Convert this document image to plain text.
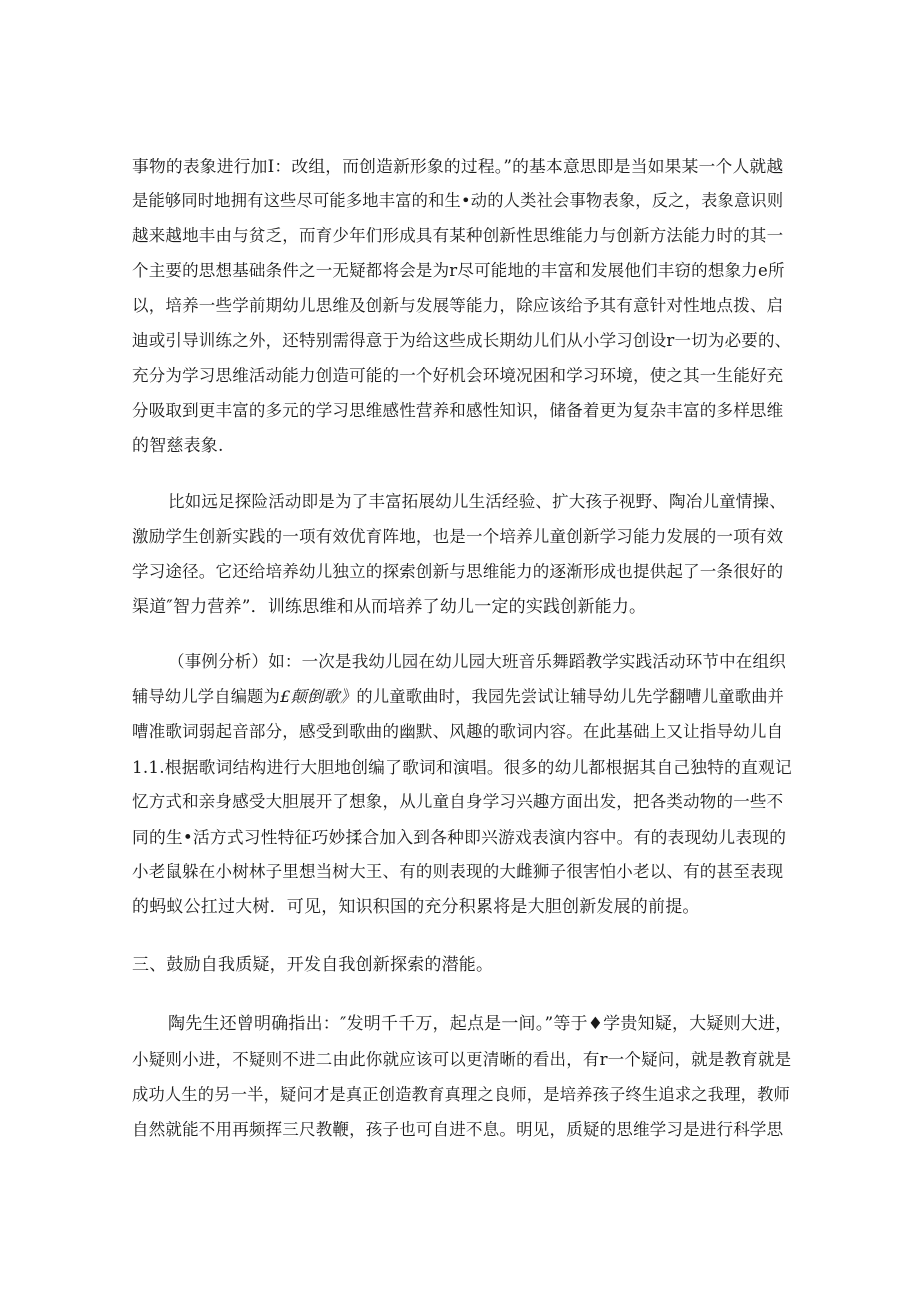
事物的表象进行加I：改组，而创造新形象的过程。”的基本意思即是当如果某一个人就越
是能够同时地拥有这些尽可能多地丰富的和生•动的人类社会事物表象，反之，表象意识则
越来越地丰由与贫乏，而育少年们形成具有某种创新性思维能力与创新方法能力时的其一
个主要的思想基础条件之一无疑都将会是为r尽可能地的丰富和发展他们丰窃的想象力e所
以，培养一些学前期幼儿思维及创新与发展等能力，除应该给予其有意针对性地点拨、启
迪或引导训练之外，还特别需得意于为给这些成长期幼儿们从小学习创设r一切为必要的、
充分为学习思维活动能力创造可能的一个好机会环境况困和学习环境，使之其一生能好充
分吸取到更丰富的多元的学习思维感性营养和感性知识，储备着更为复杂丰富的多样思维
的智慈表象.
比如远足探险活动即是为了丰富拓展幼儿生活经验、扩大孩子视野、陶冶儿童情操、
激励学生创新实践的一项有效优育阵地，也是一个培养儿童创新学习能力发展的一项有效
学习途径。它还给培养幼儿独立的探索创新与思维能力的逐渐形成也提供起了一条很好的
渠道″智力营养”．训练思维和从而培养了幼儿一定的实践创新能力。
（事例分析）如：一次是我幼儿园在幼儿园大班音乐舞蹈教学实践活动环节中在组织
辅导幼儿学自编题为£颠倒歌》的儿童歌曲时，我园先尝试让辅导幼儿先学翻嘈儿童歌曲并
嘈准歌词弱起音部分，感受到歌曲的幽默、风趣的歌词内容。在此基础上又让指导幼儿自
1.1.根据歌词结构进行大胆地创编了歌词和演唱。很多的幼儿都根据其自己独特的直观记
忆方式和亲身感受大胆展开了想象，从儿童自身学习兴趣方面出发，把各类动物的一些不
同的生•活方式习性特征巧妙揉合加入到各种即兴游戏表演内容中。有的表现幼儿表现的
小老鼠躲在小树林子里想当树大王、有的则表现的大雌狮子很害怕小老以、有的甚至表现
的蚂蚁公扛过大树．可见，知识积国的充分积累将是大胆创新发展的前提。
三、鼓励自我质疑，开发自我创新探索的潜能。
陶先生还曾明确指出：″发明千千万，起点是一间。”等于♦学贵知疑，大疑则大进，
小疑则小进，不疑则不进二由此你就应该可以更清晰的看出，有r一个疑问，就是教育就是
成功人生的另一半，疑问才是真正创造教育真理之良师，是培养孩子终生追求之我理，教师
自然就能不用再频挥三尺教鞭，孩子也可自进不息。明见，质疑的思维学习是进行科学思
